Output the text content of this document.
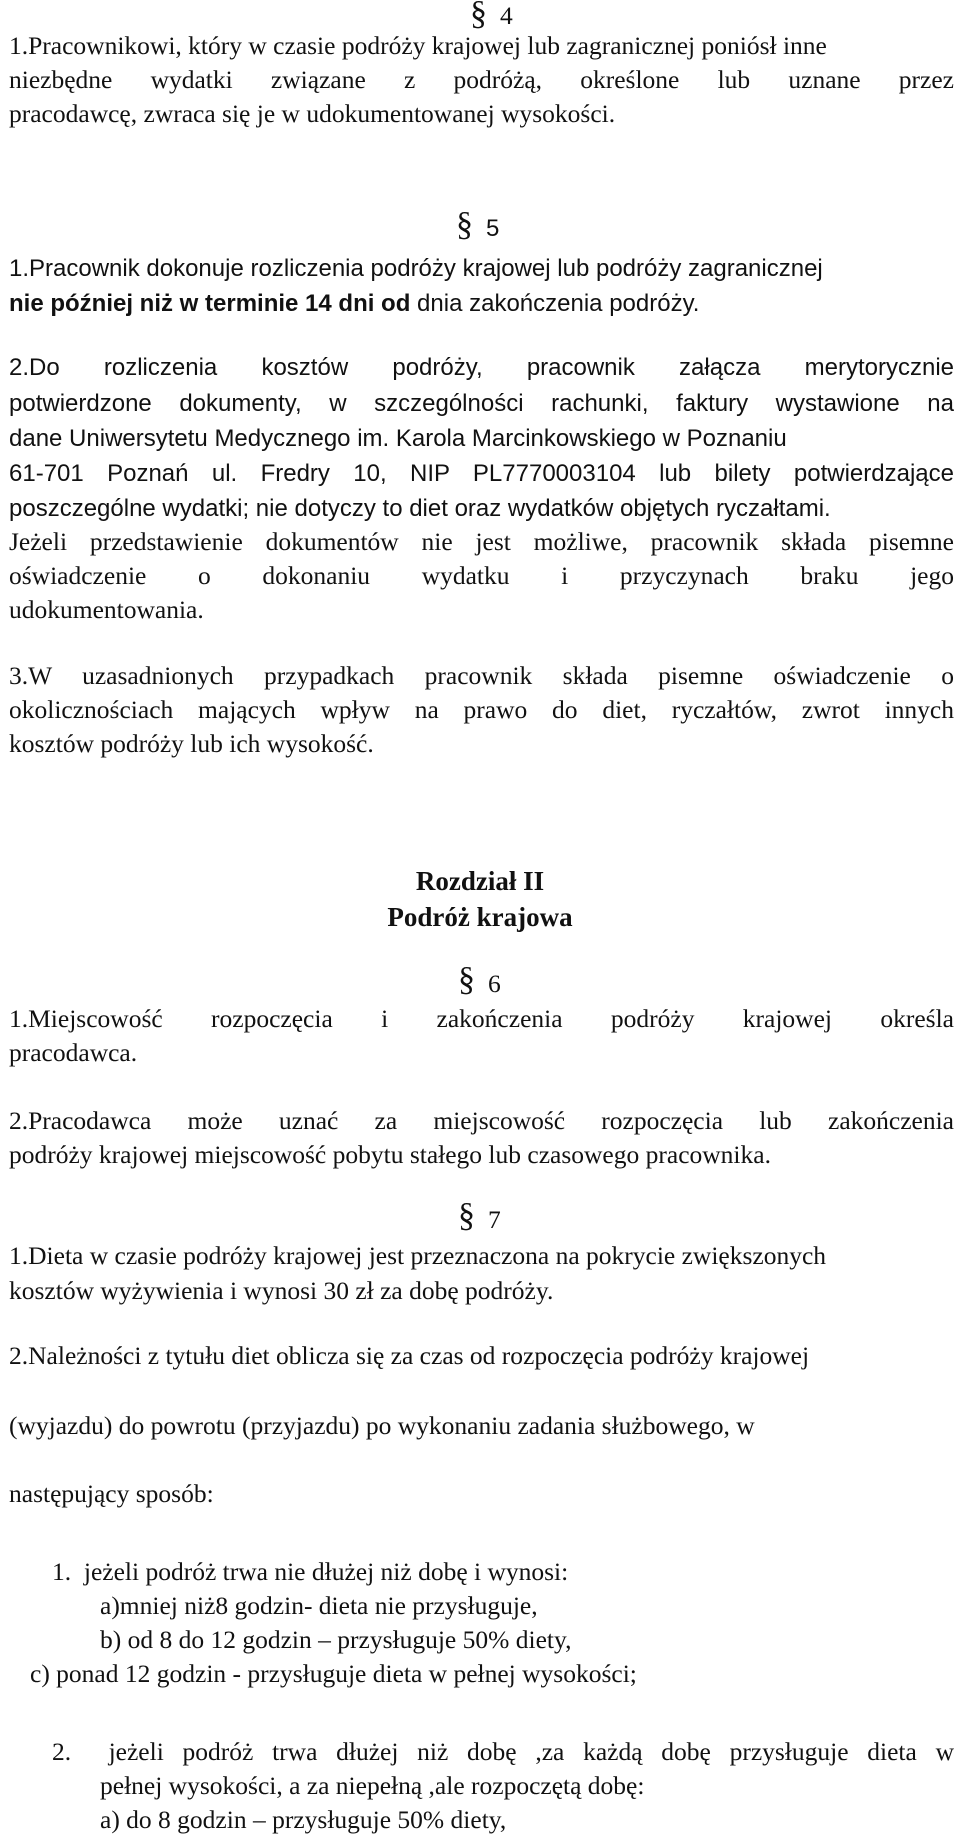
§ 4
1.Pracownikowi, który w czasie podróży krajowej lub zagranicznej poniósł inne
niezbędne wydatki związane z podróżą, określone lub uznane przez
pracodawcę, zwraca się je w udokumentowanej wysokości.
§ 5
1.Pracownik dokonuje rozliczenia podróży krajowej lub podróży zagranicznej
nie później niż w terminie 14 dni od dnia zakończenia podróży.
2.Do rozliczenia kosztów podróży, pracownik załącza merytorycznie
potwierdzone dokumenty, w szczególności rachunki, faktury wystawione na
dane Uniwersytetu Medycznego im. Karola Marcinkowskiego w Poznaniu
61-701 Poznań ul. Fredry 10, NIP PL7770003104 lub bilety potwierdzające
poszczególne wydatki; nie dotyczy to diet oraz wydatków objętych ryczałtami.
Jeżeli przedstawienie dokumentów nie jest możliwe, pracownik składa pisemne
oświadczenie o dokonaniu wydatku i przyczynach braku jego
udokumentowania.
3.W uzasadnionych przypadkach pracownik składa pisemne oświadczenie o
okolicznościach mających wpływ na prawo do diet, ryczałtów, zwrot innych
kosztów podróży lub ich wysokość.
Rozdział II
Podróż krajowa
§ 6
1.Miejscowość rozpoczęcia i zakończenia podróży krajowej określa
pracodawca.
2.Pracodawca może uznać za miejscowość rozpoczęcia lub zakończenia
podróży krajowej miejscowość pobytu stałego lub czasowego pracownika.
§ 7
1.Dieta w czasie podróży krajowej jest przeznaczona na pokrycie zwiększonych
kosztów wyżywienia i wynosi 30 zł za dobę podróży.
2.Należności z tytułu diet oblicza się za czas od rozpoczęcia podróży krajowej
(wyjazdu) do powrotu (przyjazdu) po wykonaniu zadania służbowego, w
następujący sposób:
1.  jeżeli podróż trwa nie dłużej niż dobę i wynosi:
a)mniej niż8 godzin- dieta nie przysługuje,
b) od 8 do 12 godzin – przysługuje 50% diety,
c) ponad 12 godzin - przysługuje dieta w pełnej wysokości;
2.  jeżeli podróż trwa dłużej niż dobę ,za każdą dobę przysługuje dieta w
pełnej wysokości, a za niepełną ,ale rozpoczętą dobę:
a) do 8 godzin – przysługuje 50% diety,
